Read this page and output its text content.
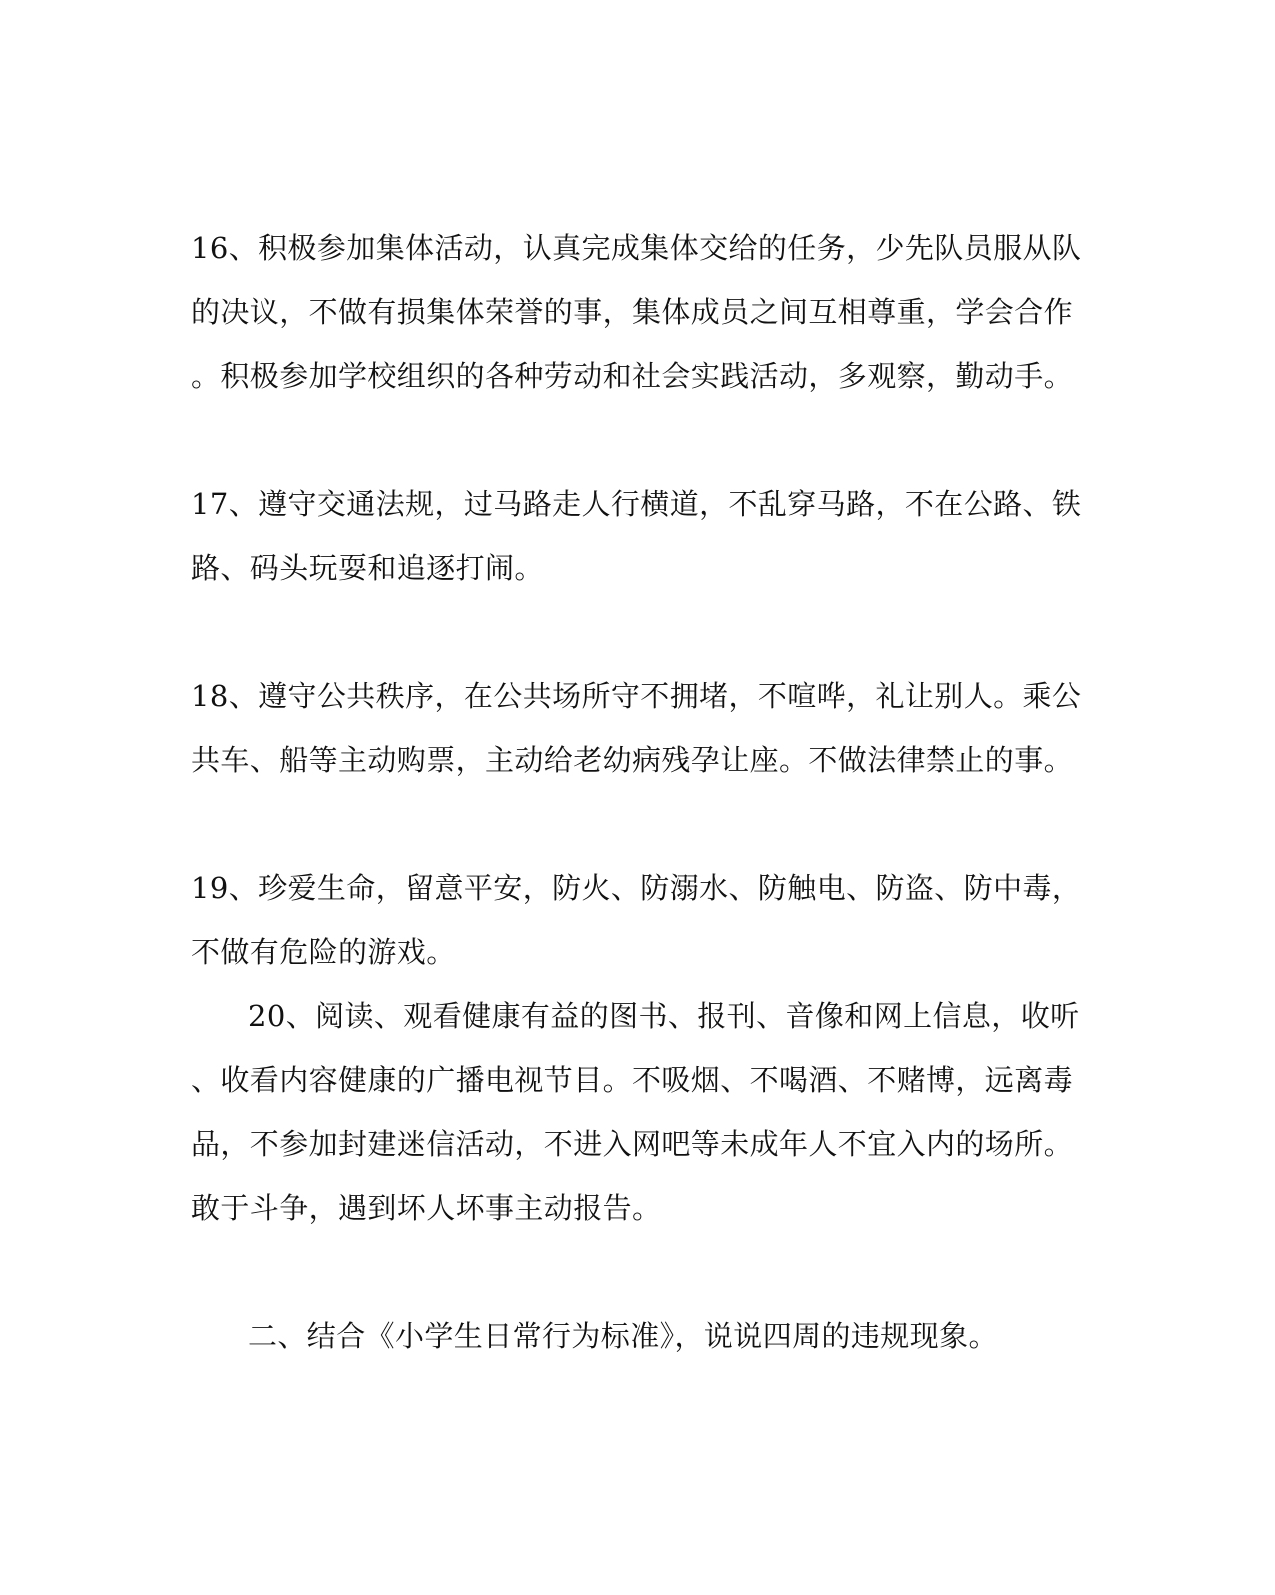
16、积极参加集体活动，认真完成集体交给的任务，少先队员服从队
的决议，不做有损集体荣誉的事，集体成员之间互相尊重，学会合作
。积极参加学校组织的各种劳动和社会实践活动，多观察，勤动手。
17、遵守交通法规，过马路走人行横道，不乱穿马路，不在公路、铁
路、码头玩耍和追逐打闹。
18、遵守公共秩序，在公共场所守不拥堵，不喧哗，礼让别人。乘公
共车、船等主动购票，主动给老幼病残孕让座。不做法律禁止的事。
19、珍爱生命，留意平安，防火、防溺水、防触电、防盗、防中毒，
不做有危险的游戏。
20、阅读、观看健康有益的图书、报刊、音像和网上信息，收听
、收看内容健康的广播电视节目。不吸烟、不喝酒、不赌博，远离毒
品，不参加封建迷信活动，不进入网吧等未成年人不宜入内的场所。
敢于斗争，遇到坏人坏事主动报告。
二、结合《小学生日常行为标准》，说说四周的违规现象。
